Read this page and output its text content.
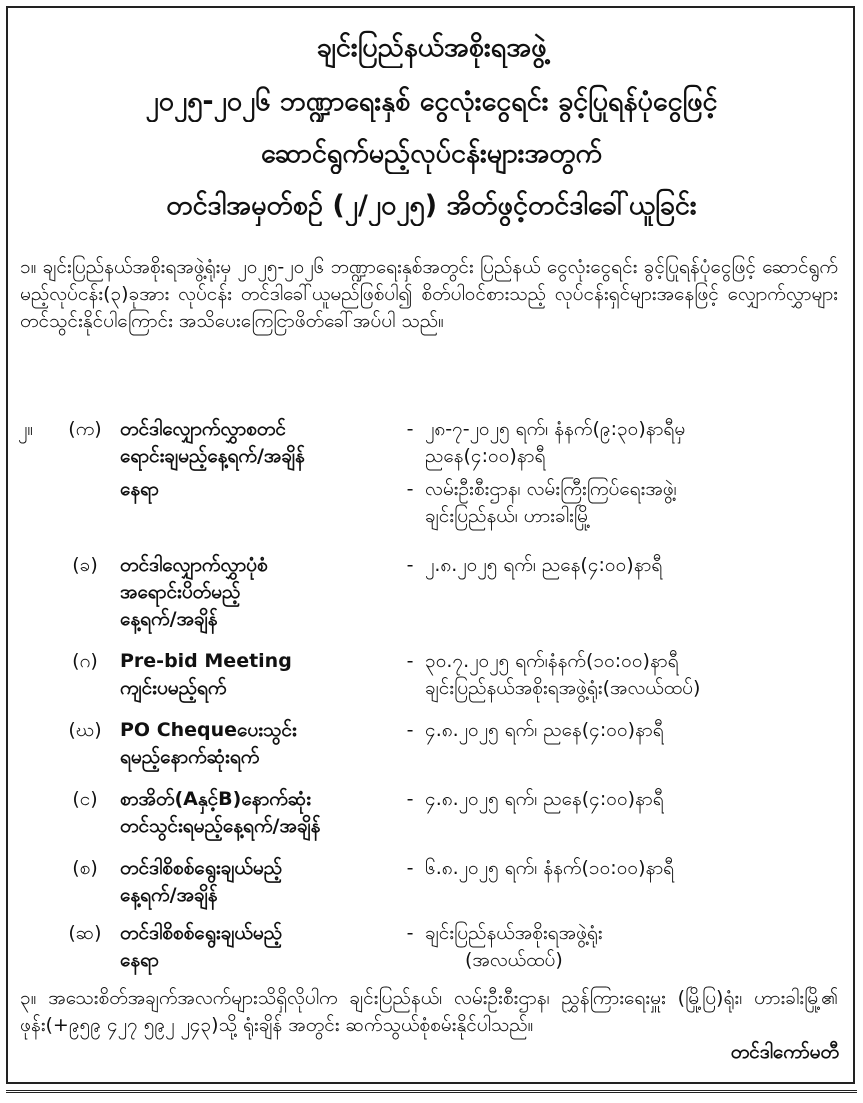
ချင်းပြည်နယ်အစိုးရအဖွဲ့
၂၀၂၅-၂၀၂၆ ဘဏ္ဍာရေးနှစ် ငွေလုံးငွေရင်း ခွင့်ပြုရန်ပုံငွေဖြင့်
ဆောင်ရွက်မည့်လုပ်ငန်းများအတွက်
တင်ဒါအမှတ်စဉ် (၂/၂၀၂၅) အိတ်ဖွင့်တင်ဒါခေါ်ယူခြင်း
၁။ ချင်းပြည်နယ်အစိုးရအဖွဲ့ရုံးမှ ၂၀၂၅-၂၀၂၆ ဘဏ္ဍာရေးနှစ်အတွင်း ပြည်နယ် ငွေလုံးငွေရင်း ခွင့်ပြုရန်ပုံငွေဖြင့် ဆောင်ရွက်မည့်လုပ်ငန်း(၃)ခုအား လုပ်ငန်း တင်ဒါခေါ်ယူမည်ဖြစ်ပါ၍ စိတ်ပါဝင်စားသည့် လုပ်ငန်းရှင်များအနေဖြင့် လျှောက်လွှာများ တင်သွင်းနိုင်ပါကြောင်း အသိပေးကြေငြာဖိတ်ခေါ်အပ်ပါ သည်။
၂။	(က) တင်ဒါလျှောက်လွှာစတင်
ရောင်းချမည့်နေ့ရက်/အချိန်
- ၂၈-၇-၂၀၂၅ ရက်၊ နံနက်(၉:၃၀)နာရီမှ
ညနေ(၄:၀၀)နာရီ
နေရာ	- လမ်းဦးစီးဌာန၊ လမ်းကြီးကြပ်ရေးအဖွဲ့၊
ချင်းပြည်နယ်၊ ဟားခါးမြို့
(ခ)	တင်ဒါလျှောက်လွှာပုံစံ
အရောင်းပိတ်မည့်
နေ့ရက်/အချိန်
- ၂.၈.၂၀၂၅ ရက်၊ ညနေ(၄:၀၀)နာရီ
(ဂ)	Pre-bid Meeting
ကျင်းပမည့်ရက်
- ၃၀.၇.၂၀၂၅ ရက်၊နံနက်(၁၀:၀၀)နာရီ
ချင်းပြည်နယ်အစိုးရအဖွဲ့ရုံး(အလယ်ထပ်)
(ဃ) PO Chequeပေးသွင်း
ရမည့်နောက်ဆုံးရက်
- ၄.၈.၂၀၂၅ ရက်၊ ညနေ(၄:၀၀)နာရီ
(င)	စာအိတ်(Aနှင့်B)နောက်ဆုံး
တင်သွင်းရမည့်နေ့ရက်/အချိန်
- ၄.၈.၂၀၂၅ ရက်၊ ညနေ(၄:၀၀)နာရီ
(စ)	တင်ဒါစိစစ်ရွေးချယ်မည့်
နေ့ရက်/အချိန်
- ၆.၈.၂၀၂၅ ရက်၊ နံနက်(၁၀:၀၀)နာရီ
(ဆ) တင်ဒါစိစစ်ရွေးချယ်မည့်
နေရာ
- ချင်းပြည်နယ်အစိုးရအဖွဲ့ရုံး
(အလယ်ထပ်)
၃။ အသေးစိတ်အချက်အလက်များသိရှိလိုပါက ချင်းပြည်နယ်၊ လမ်းဦးစီးဌာန၊ ညွှန်ကြားရေးမှူး (မြို့ပြ)ရုံး၊ ဟားခါးမြို့၏ ဖုန်း(+၉၅၉ ၄၂၇ ၅၉၂ ၂၄၃)သို့ ရုံးချိန် အတွင်း ဆက်သွယ်စုံစမ်းနိုင်ပါသည်။
တင်ဒါကော်မတီ
